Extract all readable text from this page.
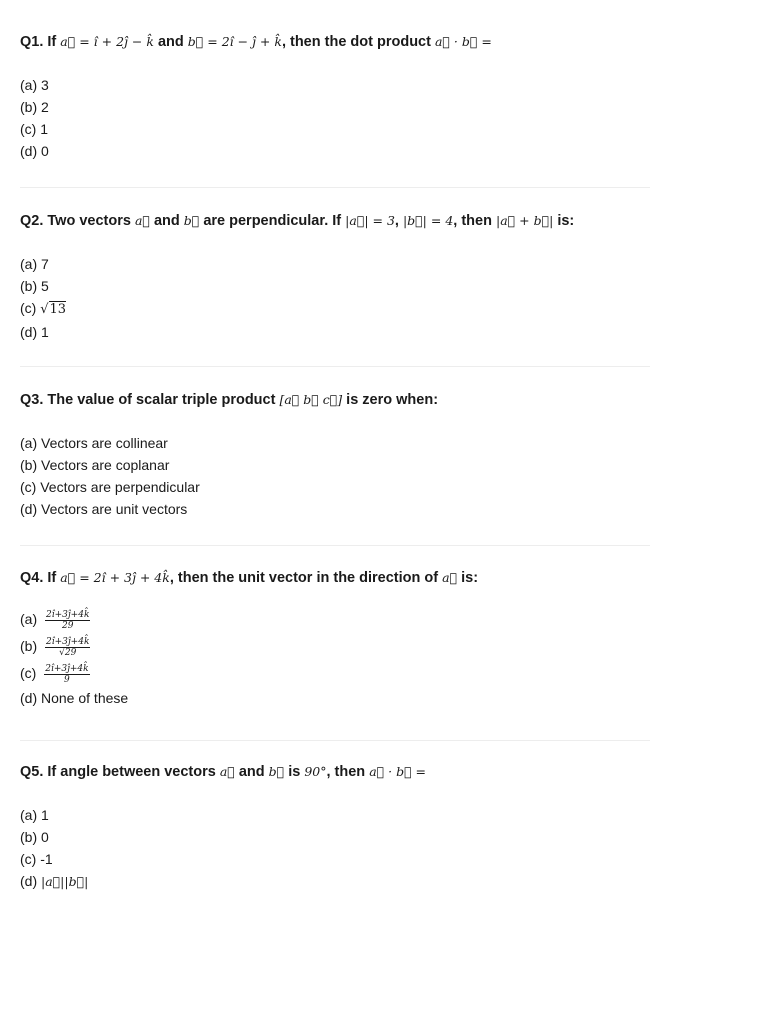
Q1. If a⃗ = î + 2ĵ − k̂ and b⃗ = 2î − ĵ + k̂, then the dot product a⃗ · b⃗ =
(a) 3
(b) 2
(c) 1
(d) 0
Q2. Two vectors a⃗ and b⃗ are perpendicular. If |a⃗| = 3, |b⃗| = 4, then |a⃗ + b⃗| is:
(a) 7
(b) 5
(c) √13
(d) 1
Q3. The value of scalar triple product [a⃗ b⃗ c⃗] is zero when:
(a) Vectors are collinear
(b) Vectors are coplanar
(c) Vectors are perpendicular
(d) Vectors are unit vectors
Q4. If a⃗ = 2î + 3ĵ + 4k̂, then the unit vector in the direction of a⃗ is:
$(a) \frac{2î+3ĵ+4k̂}{29}$
$(b) \frac{2î+3ĵ+4k̂}{√29}$
$(c) \frac{2î+3ĵ+4k̂}{9}$
(d) None of these
Q5. If angle between vectors a⃗ and b⃗ is 90°, then a⃗ · b⃗ =
(a) 1
(b) 0
(c) -1
(d) |a⃗||b⃗|
